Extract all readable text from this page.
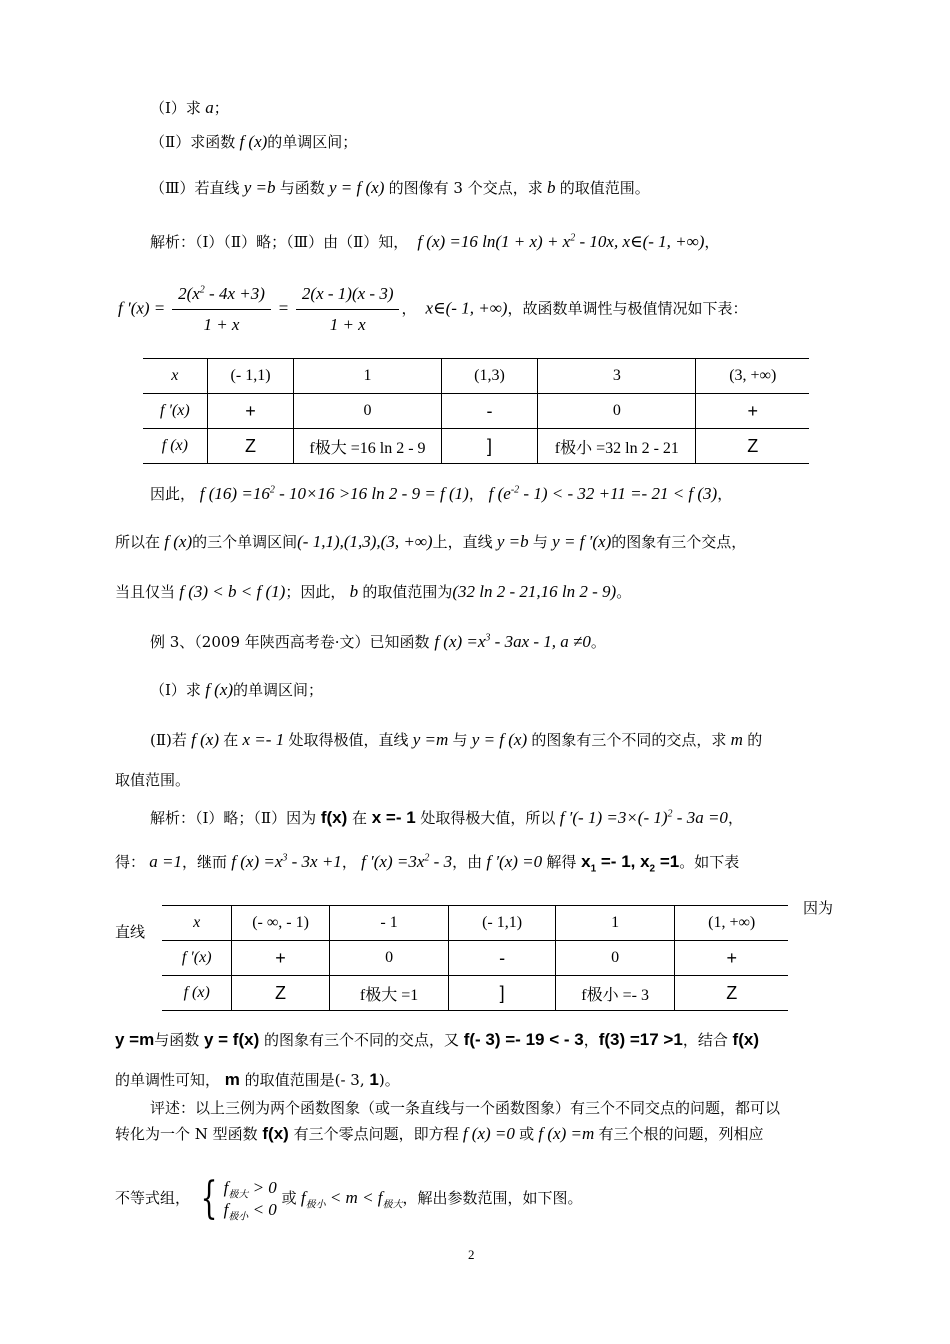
（Ⅰ）求 a；
（Ⅱ）求函数 f (x)的单调区间；
（Ⅲ）若直线 y =b 与函数 y = f (x) 的图像有 3 个交点，求 b 的取值范围。
解析：（Ⅰ）（Ⅱ）略；（Ⅲ）由（Ⅱ）知，  f (x) =16 $\ln(1 + x) + x^2 - 10x$, x∈(- 1, +∞)，
f $'(x) = \frac{2(x^2 - 4x +3)}{1 + x} = \frac{2(x - 1)(x - 3)}{1 + x}$ ，  x∈(- 1, +∞)，故函数单调性与极值情况如下表：
x	(- 1,1)	1	(1,3)	3	(3, +∞)
f ′(x)	+	0	-	0	+
f (x)	Z	f极大 =16 ln 2 - 9	]	f极小 =32 ln 2 - 21	Z
因此， f $(16) =16^2 - 10\times 16 >16$ ln 2 - 9 = f (1)， f $(e^{-2} - 1)$ < - 32 +11 =- 21 < f (3)，
所以在 f (x)的三个单调区间(- 1,1),(1,3),(3, +∞)上，直线 y =b 与 y = f ′(x)的图象有三个交点，
当且仅当 f (3) < b < f (1)；因此， b 的取值范围为(32 ln 2 - 21,16 ln 2 - 9)。
例 3、（2009 年陕西高考卷·文）已知函数 f $(x) =x^3 - 3ax - 1$, a ≠0。
（Ⅰ）求 f (x)的单调区间；
(Ⅱ)若 f (x) 在 x =- 1 处取得极值，直线 y =m 与 y = f (x) 的图象有三个不同的交点，求 m 的
取值范围。
解析：（Ⅰ）略；（Ⅱ）因为 f(x) 在 x =- 1 处取得极大值，所以 f ′(- 1) =3×(- 1)$^2$ - 3a =0，
得： a =1，继而 f $(x) =x^3 - 3x +1$， f $'(x) =3x^2 - 3$，由 f ′(x) =0 解得 $x_1 =- 1$, $x_2 =1$。如下表
因为
直线
x	(- ∞, - 1)	- 1	(- 1,1)	1	(1, +∞)
f ′(x)	+	0	-	0	+
f (x)	Z	f极大 =1	]	f极小 =- 3	Z
y =m与函数 y = f(x) 的图象有三个不同的交点，又 f(- 3) =- 19 < - 3，f(3) =17 >1，结合 f(x)
的单调性可知， m 的取值范围是(- 3, 1)。
评述：以上三例为两个函数图象（或一条直线与一个函数图象）有三个不同交点的问题，都可以
转化为一个 N 型函数 f(x) 有三个零点问题，即方程 f (x) =0 或 f (x) =m 有三个根的问题，列相应
不等式组， { $f_{极大} > 0$
$f_{极小} < 0$
或 $f_{极小} < m < f_{极大}$，解出参数范围，如下图。
2
